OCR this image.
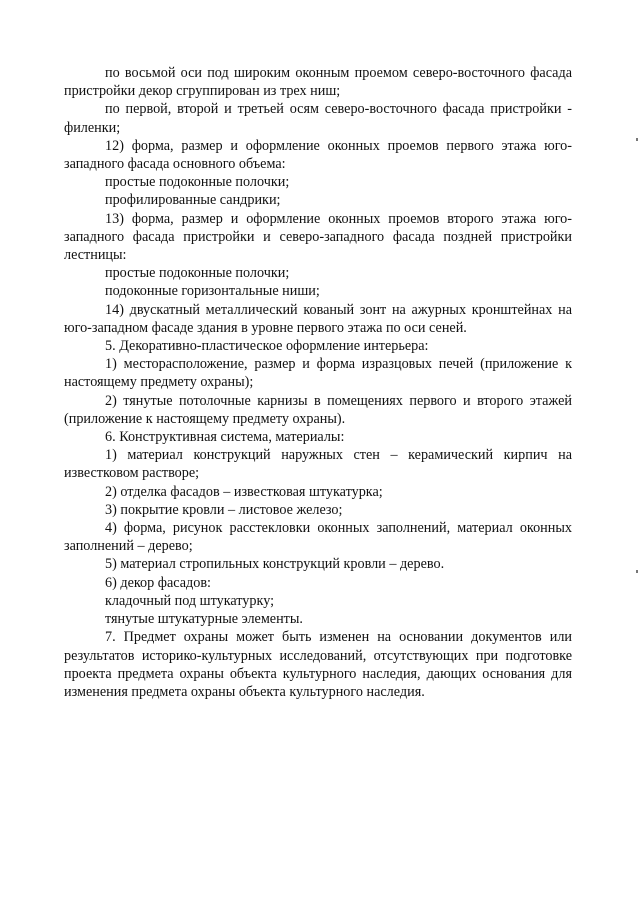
по восьмой оси под широким оконным проемом северо-восточного фасада пристройки декор сгруппирован из трех ниш;

по первой, второй и третьей осям северо-восточного фасада пристройки - филенки;

12) форма, размер и оформление оконных проемов первого этажа юго-западного фасада основного объема:

простые подоконные полочки;

профилированные сандрики;

13) форма, размер и оформление оконных проемов второго этажа юго-западного фасада пристройки и северо-западного фасада поздней пристройки лестницы:

простые подоконные полочки;

подоконные горизонтальные ниши;

14) двускатный металлический кованый зонт на ажурных кронштейнах на юго-западном фасаде здания в уровне первого этажа по оси сеней.

5. Декоративно-пластическое оформление интерьера:

1) месторасположение, размер и форма изразцовых печей (приложение к настоящему предмету охраны);

2) тянутые потолочные карнизы в помещениях первого и второго этажей (приложение к настоящему предмету охраны).

6. Конструктивная система, материалы:

1) материал конструкций наружных стен – керамический кирпич на известковом растворе;

2) отделка фасадов – известковая штукатурка;

3) покрытие кровли – листовое железо;

4) форма, рисунок расстекловки оконных заполнений, материал оконных заполнений – дерево;

5) материал стропильных конструкций кровли – дерево.

6) декор фасадов:

кладочный под штукатурку;

тянутые штукатурные элементы.

7. Предмет охраны может быть изменен на основании документов или результатов историко-культурных исследований, отсутствующих при подготовке проекта предмета охраны объекта культурного наследия, дающих основания для изменения предмета охраны объекта культурного наследия.
